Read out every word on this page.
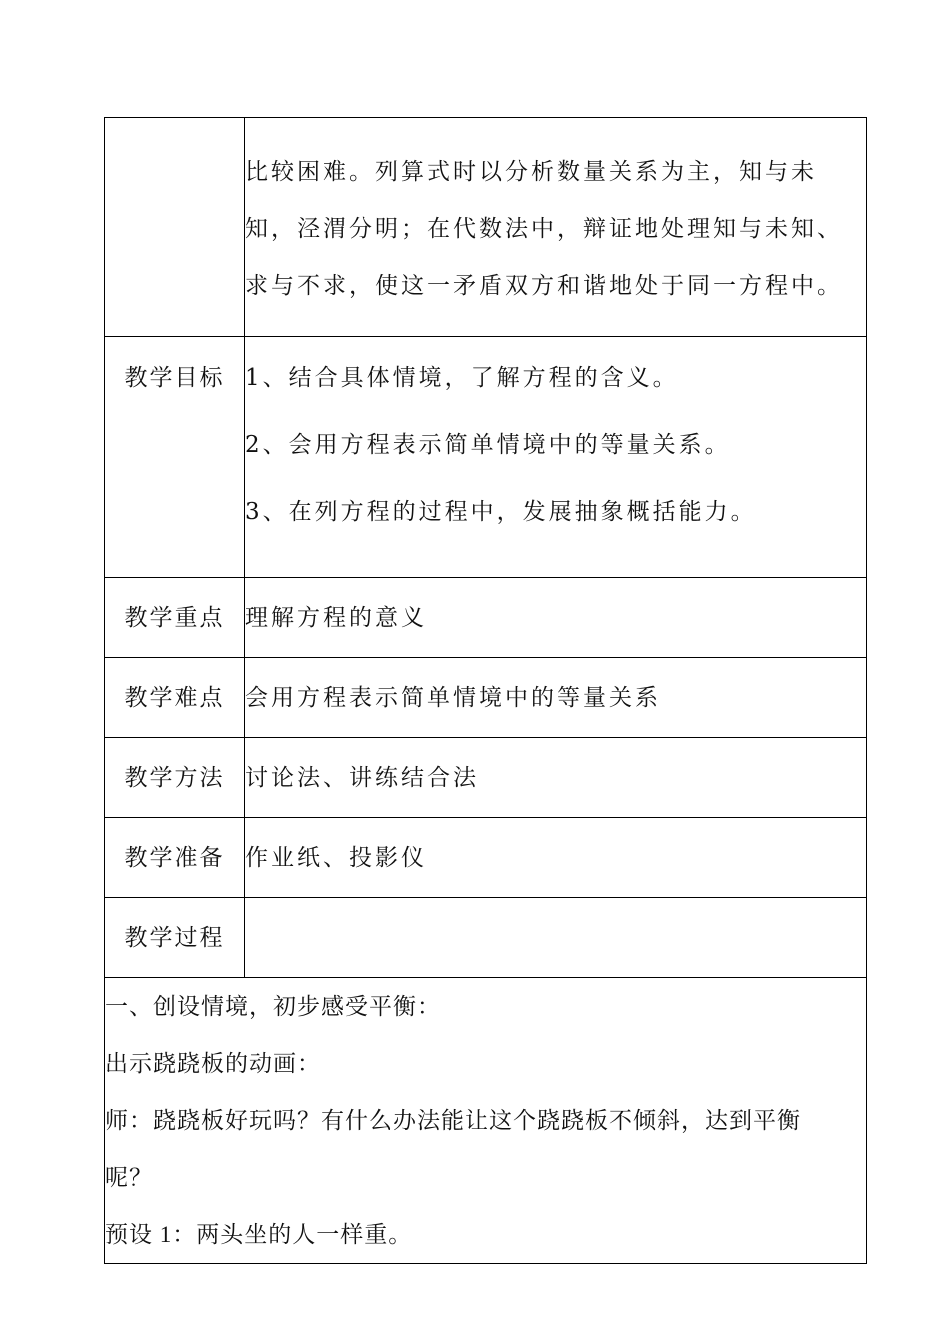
	比较困难。列算式时以分析数量关系为主，知与未
知，泾渭分明；在代数法中，辩证地处理知与未知、
求与不求，使这一矛盾双方和谐地处于同一方程中。

教学目标	1、结合具体情境，了解方程的含义。
2、会用方程表示简单情境中的等量关系。
3、在列方程的过程中，发展抽象概括能力。

教学重点	理解方程的意义
教学难点	会用方程表示简单情境中的等量关系
教学方法	讨论法、讲练结合法
教学准备	作业纸、投影仪
教学过程	

一、创设情境，初步感受平衡：
出示跷跷板的动画：
师：跷跷板好玩吗？有什么办法能让这个跷跷板不倾斜，达到平衡
呢？
预设 1：两头坐的人一样重。	
